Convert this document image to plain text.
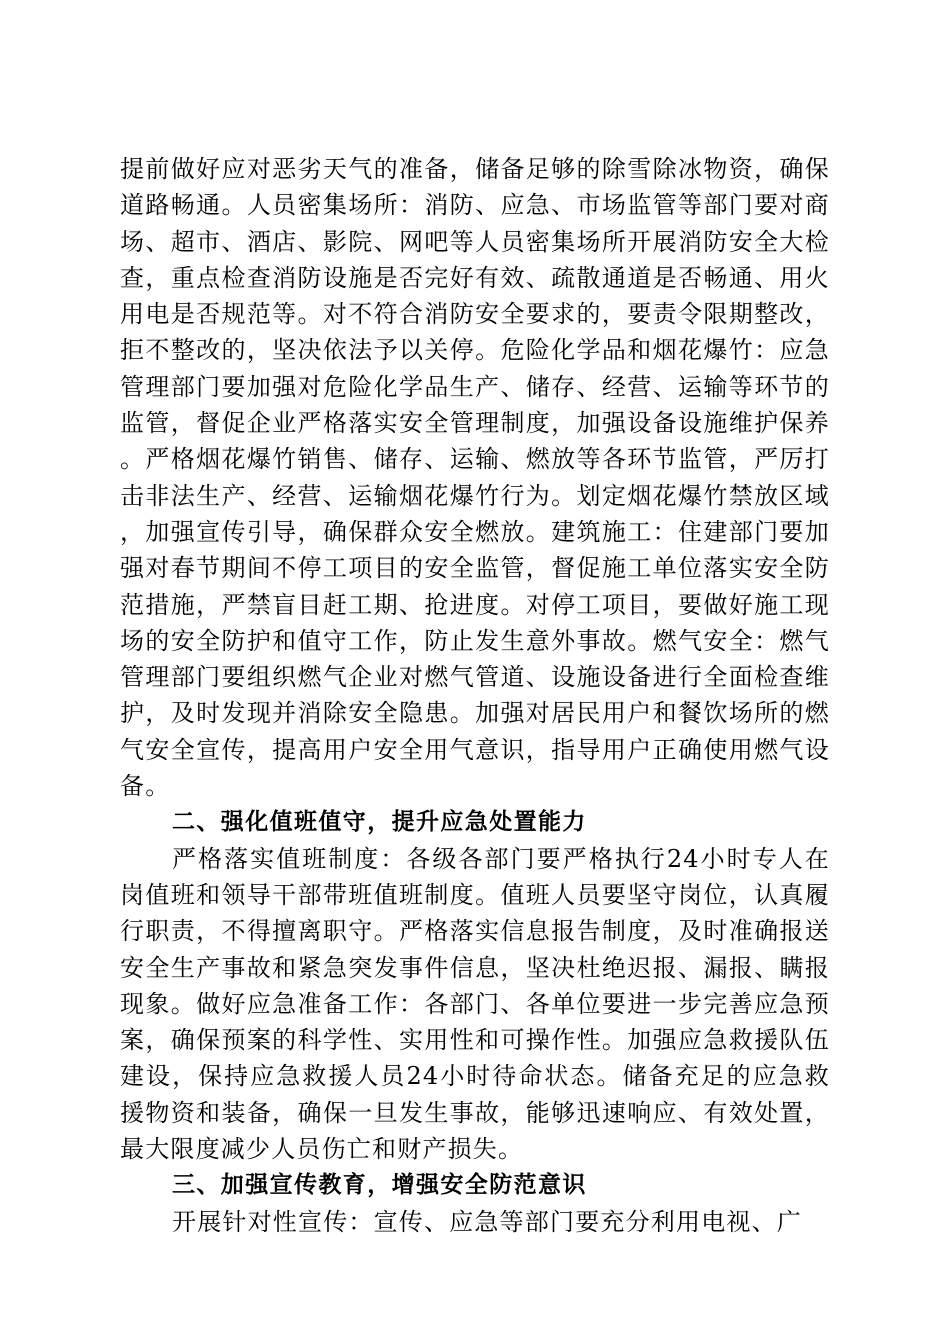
提前做好应对恶劣天气的准备，储备足够的除雪除冰物资，确保道路畅通。人员密集场所：消防、应急、市场监管等部门要对商场、超市、酒店、影院、网吧等人员密集场所开展消防安全大检查，重点检查消防设施是否完好有效、疏散通道是否畅通、用火用电是否规范等。对不符合消防安全要求的，要责令限期整改，拒不整改的，坚决依法予以关停。危险化学品和烟花爆竹：应急管理部门要加强对危险化学品生产、储存、经营、运输等环节的监管，督促企业严格落实安全管理制度，加强设备设施维护保养。严格烟花爆竹销售、储存、运输、燃放等各环节监管，严厉打击非法生产、经营、运输烟花爆竹行为。划定烟花爆竹禁放区域，加强宣传引导，确保群众安全燃放。建筑施工：住建部门要加强对春节期间不停工项目的安全监管，督促施工单位落实安全防范措施，严禁盲目赶工期、抢进度。对停工项目，要做好施工现场的安全防护和值守工作，防止发生意外事故。燃气安全：燃气管理部门要组织燃气企业对燃气管道、设施设备进行全面检查维护，及时发现并消除安全隐患。加强对居民用户和餐饮场所的燃气安全宣传，提高用户安全用气意识，指导用户正确使用燃气设备。

二、强化值班值守，提升应急处置能力

严格落实值班制度：各级各部门要严格执行24小时专人在岗值班和领导干部带班值班制度。值班人员要坚守岗位，认真履行职责，不得擅离职守。严格落实信息报告制度，及时准确报送安全生产事故和紧急突发事件信息，坚决杜绝迟报、漏报、瞒报现象。做好应急准备工作：各部门、各单位要进一步完善应急预案，确保预案的科学性、实用性和可操作性。加强应急救援队伍建设，保持应急救援人员24小时待命状态。储备充足的应急救援物资和装备，确保一旦发生事故，能够迅速响应、有效处置，最大限度减少人员伤亡和财产损失。

三、加强宣传教育，增强安全防范意识

开展针对性宣传：宣传、应急等部门要充分利用电视、广
